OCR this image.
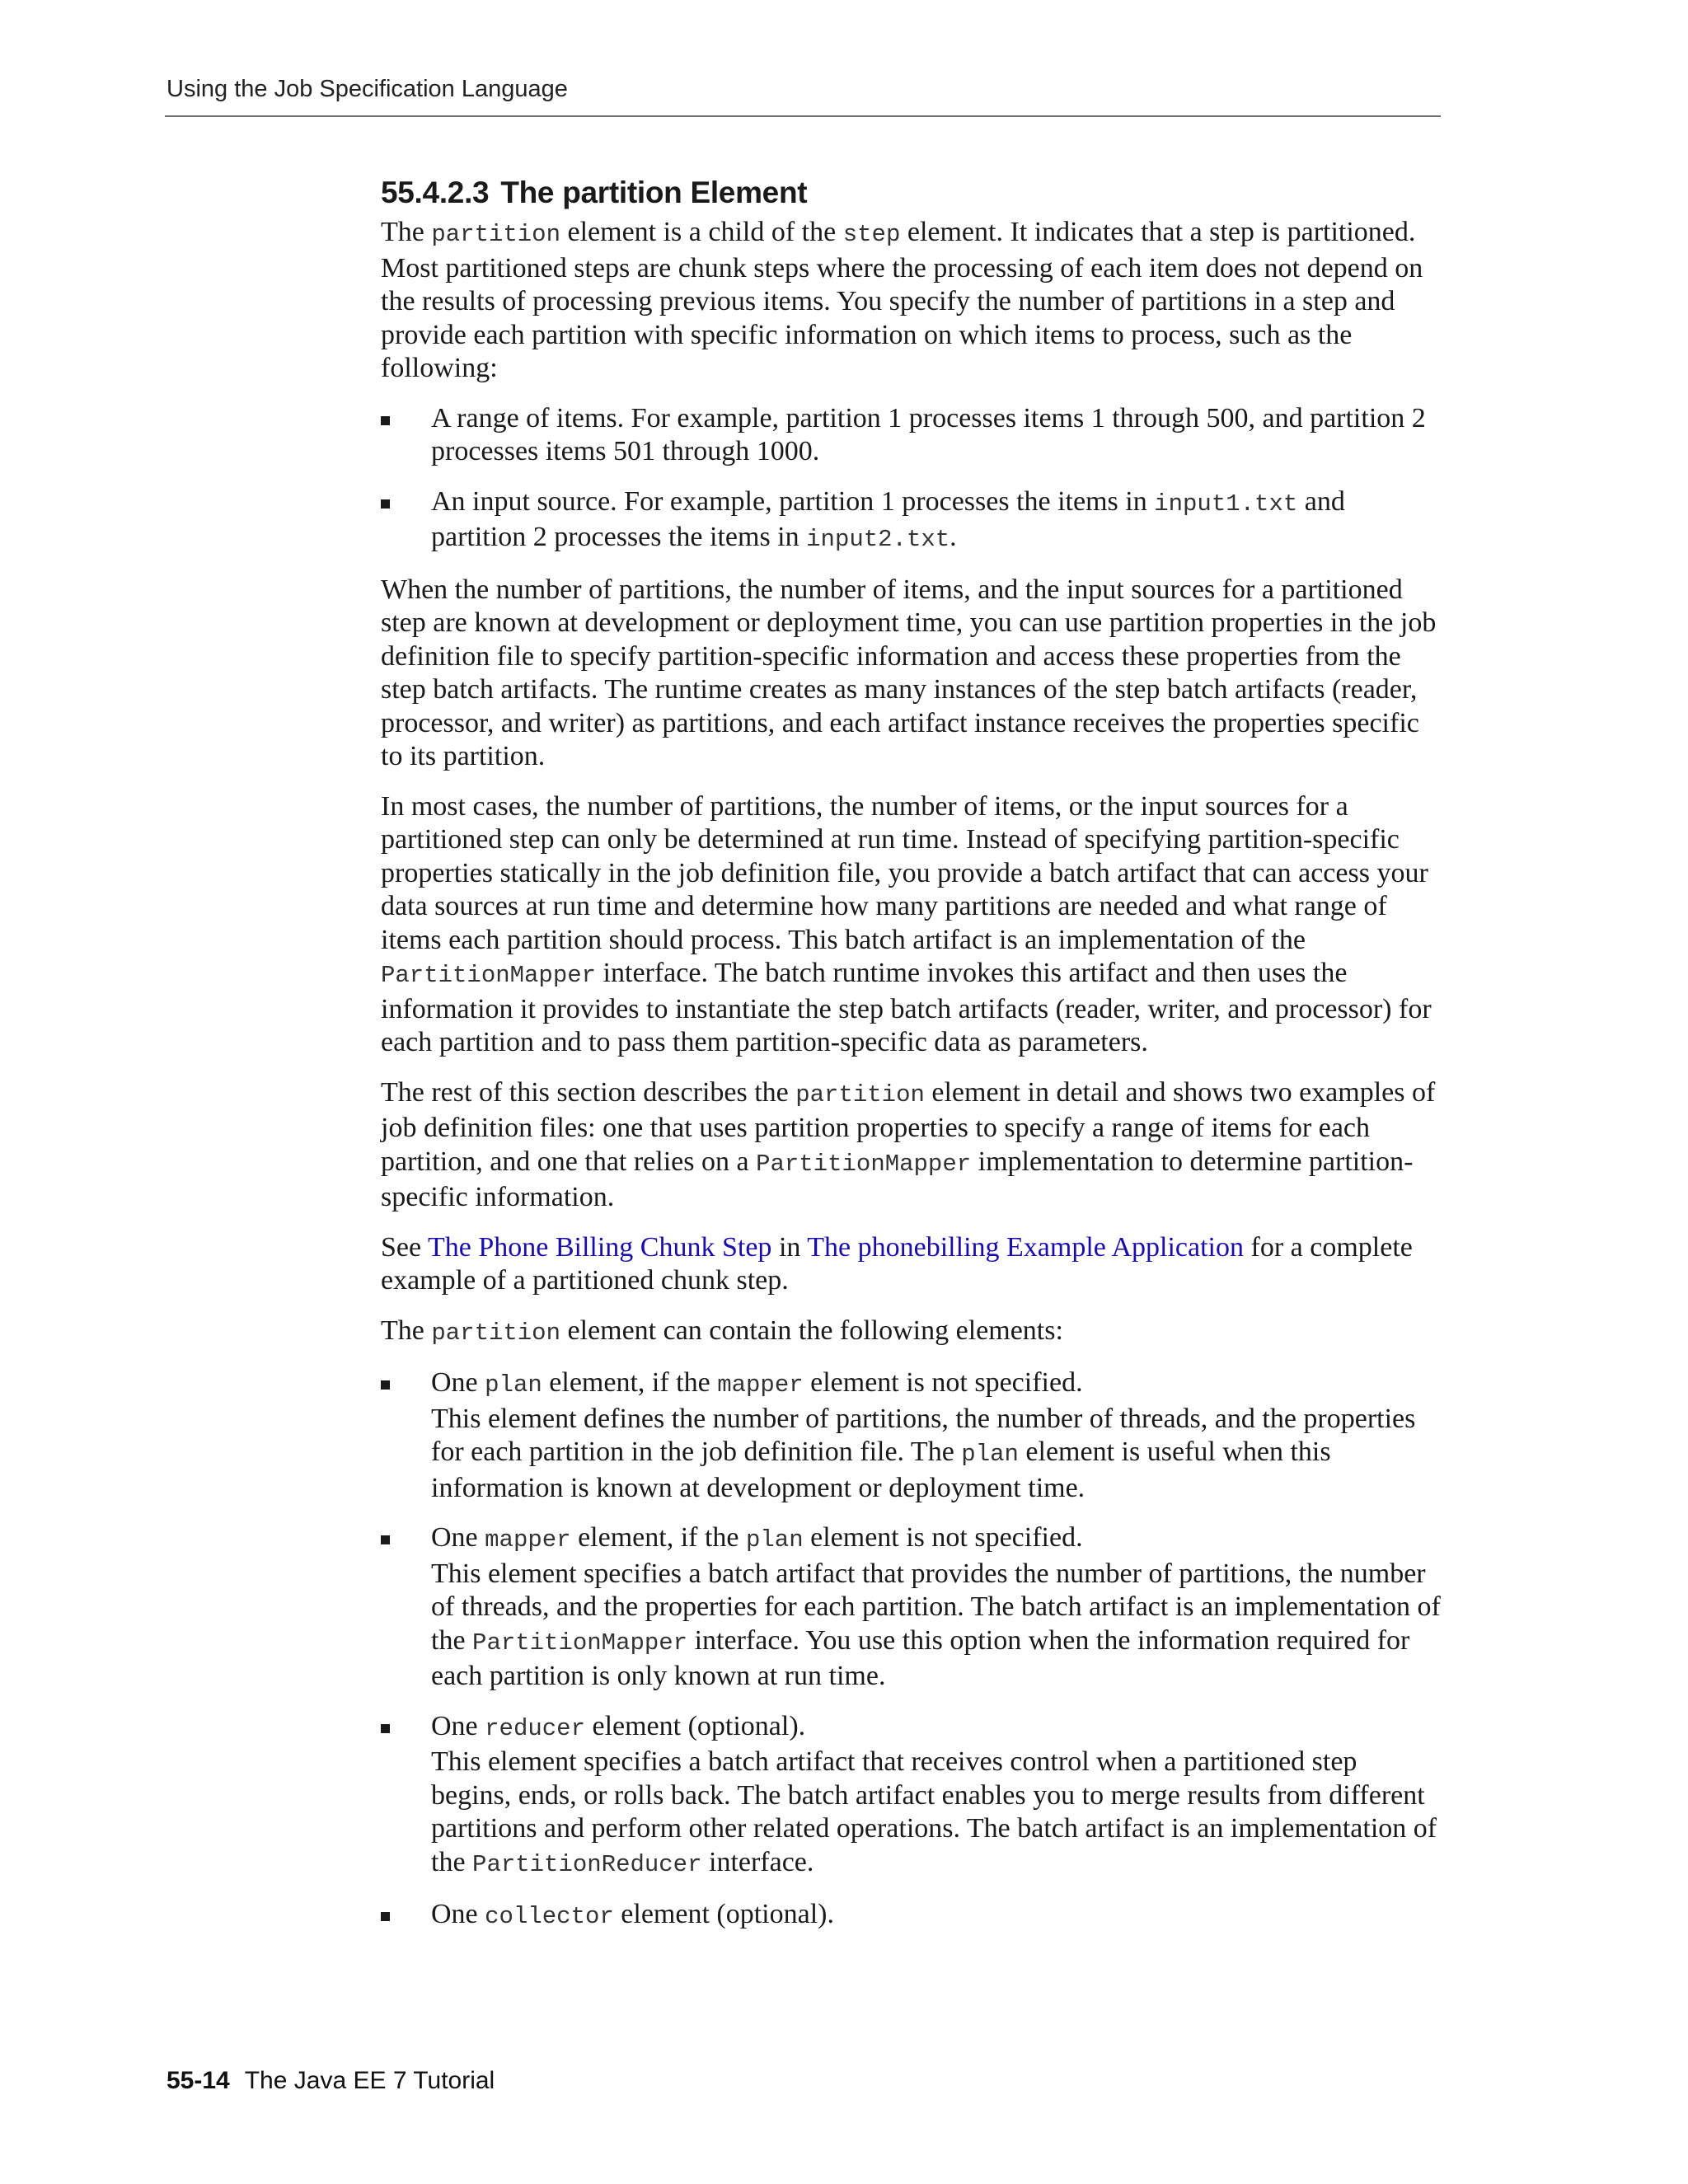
Using the Job Specification Language
55.4.2.3 The partition Element

The partition element is a child of the step element. It indicates that a step is partitioned. Most partitioned steps are chunk steps where the processing of each item does not depend on the results of processing previous items. You specify the number of partitions in a step and provide each partition with specific information on which items to process, such as the following:

A range of items. For example, partition 1 processes items 1 through 500, and partition 2 processes items 501 through 1000.
An input source. For example, partition 1 processes the items in input1.txt and partition 2 processes the items in input2.txt.

When the number of partitions, the number of items, and the input sources for a partitioned step are known at development or deployment time, you can use partition properties in the job definition file to specify partition-specific information and access these properties from the step batch artifacts. The runtime creates as many instances of the step batch artifacts (reader, processor, and writer) as partitions, and each artifact instance receives the properties specific to its partition.

In most cases, the number of partitions, the number of items, or the input sources for a partitioned step can only be determined at run time. Instead of specifying partition-specific properties statically in the job definition file, you provide a batch artifact that can access your data sources at run time and determine how many partitions are needed and what range of items each partition should process. This batch artifact is an implementation of the PartitionMapper interface. The batch runtime invokes this artifact and then uses the information it provides to instantiate the step batch artifacts (reader, writer, and processor) for each partition and to pass them partition-specific data as parameters.

The rest of this section describes the partition element in detail and shows two examples of job definition files: one that uses partition properties to specify a range of items for each partition, and one that relies on a PartitionMapper implementation to determine partition-specific information.

See The Phone Billing Chunk Step in The phonebilling Example Application for a complete example of a partitioned chunk step.

The partition element can contain the following elements:

One plan element, if the mapper element is not specified.

This element defines the number of partitions, the number of threads, and the properties for each partition in the job definition file. The plan element is useful when this information is known at development or deployment time.

One mapper element, if the plan element is not specified.

This element specifies a batch artifact that provides the number of partitions, the number of threads, and the properties for each partition. The batch artifact is an implementation of the PartitionMapper interface. You use this option when the information required for each partition is only known at run time.

One reducer element (optional).

This element specifies a batch artifact that receives control when a partitioned step begins, ends, or rolls back. The batch artifact enables you to merge results from different partitions and perform other related operations. The batch artifact is an implementation of the PartitionReducer interface.

One collector element (optional).
55-14 The Java EE 7 Tutorial
